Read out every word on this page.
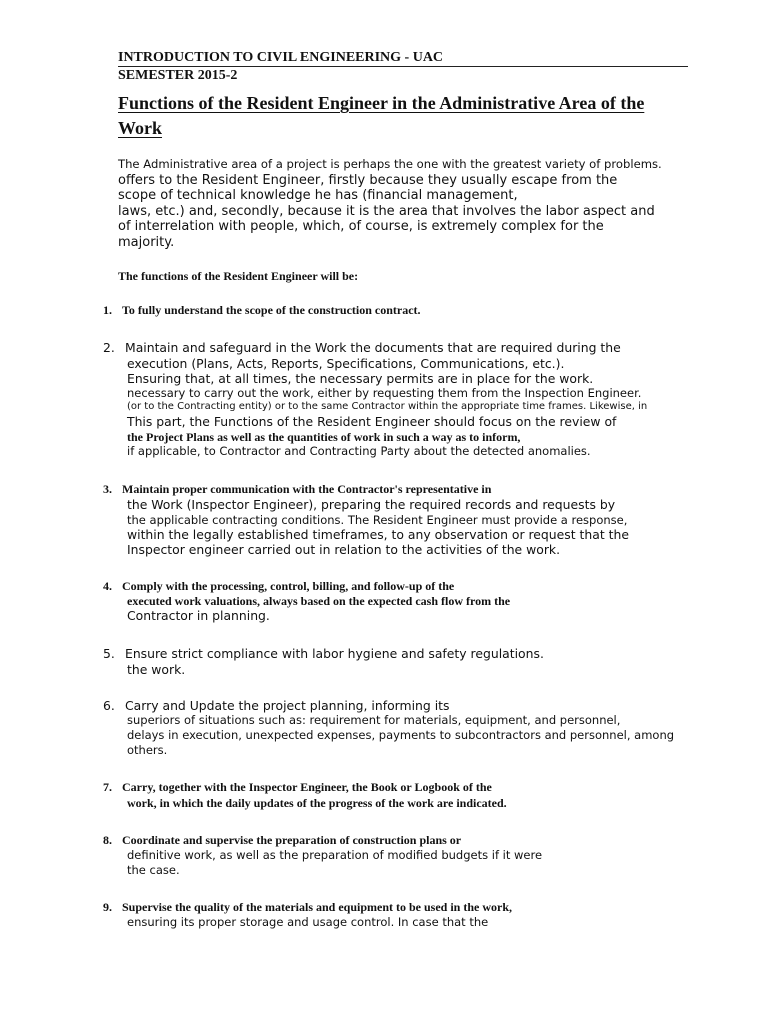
INTRODUCTION TO CIVIL ENGINEERING - UAC
SEMESTER 2015-2
Functions of the Resident Engineer in the Administrative Area of the
Work
The Administrative area of a project is perhaps the one with the greatest variety of problems.
offers to the Resident Engineer, firstly because they usually escape from the
scope of technical knowledge he has (financial management,
laws, etc.) and, secondly, because it is the area that involves the labor aspect and
of interrelation with people, which, of course, is extremely complex for the
majority.
The functions of the Resident Engineer will be:
1. To fully understand the scope of the construction contract.
2. Maintain and safeguard in the Work the documents that are required during the
execution (Plans, Acts, Reports, Specifications, Communications, etc.).
Ensuring that, at all times, the necessary permits are in place for the work.
necessary to carry out the work, either by requesting them from the Inspection Engineer.
(or to the Contracting entity) or to the same Contractor within the appropriate time frames. Likewise, in
This part, the Functions of the Resident Engineer should focus on the review of
the Project Plans as well as the quantities of work in such a way as to inform,
if applicable, to Contractor and Contracting Party about the detected anomalies.
3. Maintain proper communication with the Contractor's representative in
the Work (Inspector Engineer), preparing the required records and requests by
the applicable contracting conditions. The Resident Engineer must provide a response,
within the legally established timeframes, to any observation or request that the
Inspector engineer carried out in relation to the activities of the work.
4. Comply with the processing, control, billing, and follow-up of the
executed work valuations, always based on the expected cash flow from the
Contractor in planning.
5. Ensure strict compliance with labor hygiene and safety regulations.
the work.
6. Carry and Update the project planning, informing its
superiors of situations such as: requirement for materials, equipment, and personnel,
delays in execution, unexpected expenses, payments to subcontractors and personnel, among
others.
7. Carry, together with the Inspector Engineer, the Book or Logbook of the
work, in which the daily updates of the progress of the work are indicated.
8. Coordinate and supervise the preparation of construction plans or
definitive work, as well as the preparation of modified budgets if it were
the case.
9. Supervise the quality of the materials and equipment to be used in the work,
ensuring its proper storage and usage control. In case that the
